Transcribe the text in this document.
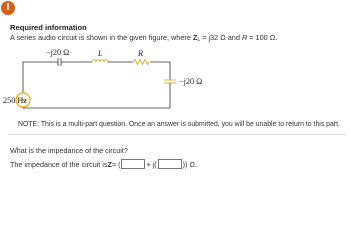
!
Required information
A series audio circuit is shown in the given figure, where $Z_L = j32$ Ω and R = 100 Ω.
−j20 Ω	L	R
250 Hz
−j20 Ω
NOTE: This is a multi-part question. Once an answer is submitted, you will be unable to return to this part.
What is the impedance of the circuit?
The impedance of the circuit is Z = (	+ j(	)) Ω.
